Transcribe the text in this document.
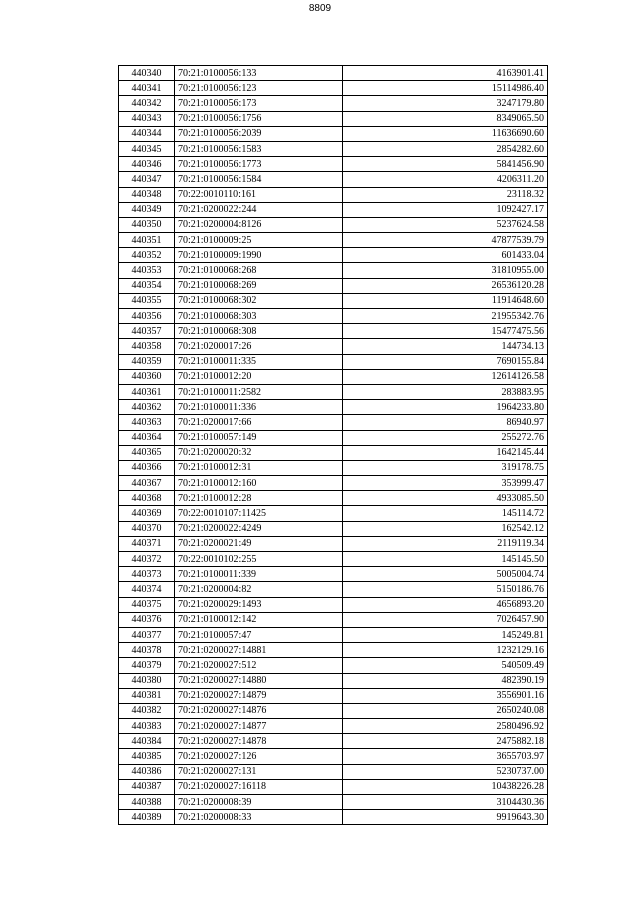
8809
440340	70:21:0100056:133	4163901.41
440341	70:21:0100056:123	15114986.40
440342	70:21:0100056:173	3247179.80
440343	70:21:0100056:1756	8349065.50
440344	70:21:0100056:2039	11636690.60
440345	70:21:0100056:1583	2854282.60
440346	70:21:0100056:1773	5841456.90
440347	70:21:0100056:1584	4206311.20
440348	70:22:0010110:161	23118.32
440349	70:21:0200022:244	1092427.17
440350	70:21:0200004:8126	5237624.58
440351	70:21:0100009:25	47877539.79
440352	70:21:0100009:1990	601433.04
440353	70:21:0100068:268	31810955.00
440354	70:21:0100068:269	26536120.28
440355	70:21:0100068:302	11914648.60
440356	70:21:0100068:303	21955342.76
440357	70:21:0100068:308	15477475.56
440358	70:21:0200017:26	144734.13
440359	70:21:0100011:335	7690155.84
440360	70:21:0100012:20	12614126.58
440361	70:21:0100011:2582	283883.95
440362	70:21:0100011:336	1964233.80
440363	70:21:0200017:66	86940.97
440364	70:21:0100057:149	255272.76
440365	70:21:0200020:32	1642145.44
440366	70:21:0100012:31	319178.75
440367	70:21:0100012:160	353999.47
440368	70:21:0100012:28	4933085.50
440369	70:22:0010107:11425	145114.72
440370	70:21:0200022:4249	162542.12
440371	70:21:0200021:49	2119119.34
440372	70:22:0010102:255	145145.50
440373	70:21:0100011:339	5005004.74
440374	70:21:0200004:82	5150186.76
440375	70:21:0200029:1493	4656893.20
440376	70:21:0100012:142	7026457.90
440377	70:21:0100057:47	145249.81
440378	70:21:0200027:14881	1232129.16
440379	70:21:0200027:512	540509.49
440380	70:21:0200027:14880	482390.19
440381	70:21:0200027:14879	3556901.16
440382	70:21:0200027:14876	2650240.08
440383	70:21:0200027:14877	2580496.92
440384	70:21:0200027:14878	2475882.18
440385	70:21:0200027:126	3655703.97
440386	70:21:0200027:131	5230737.00
440387	70:21:0200027:16118	10438226.28
440388	70:21:0200008:39	3104430.36
440389	70:21:0200008:33	9919643.30
